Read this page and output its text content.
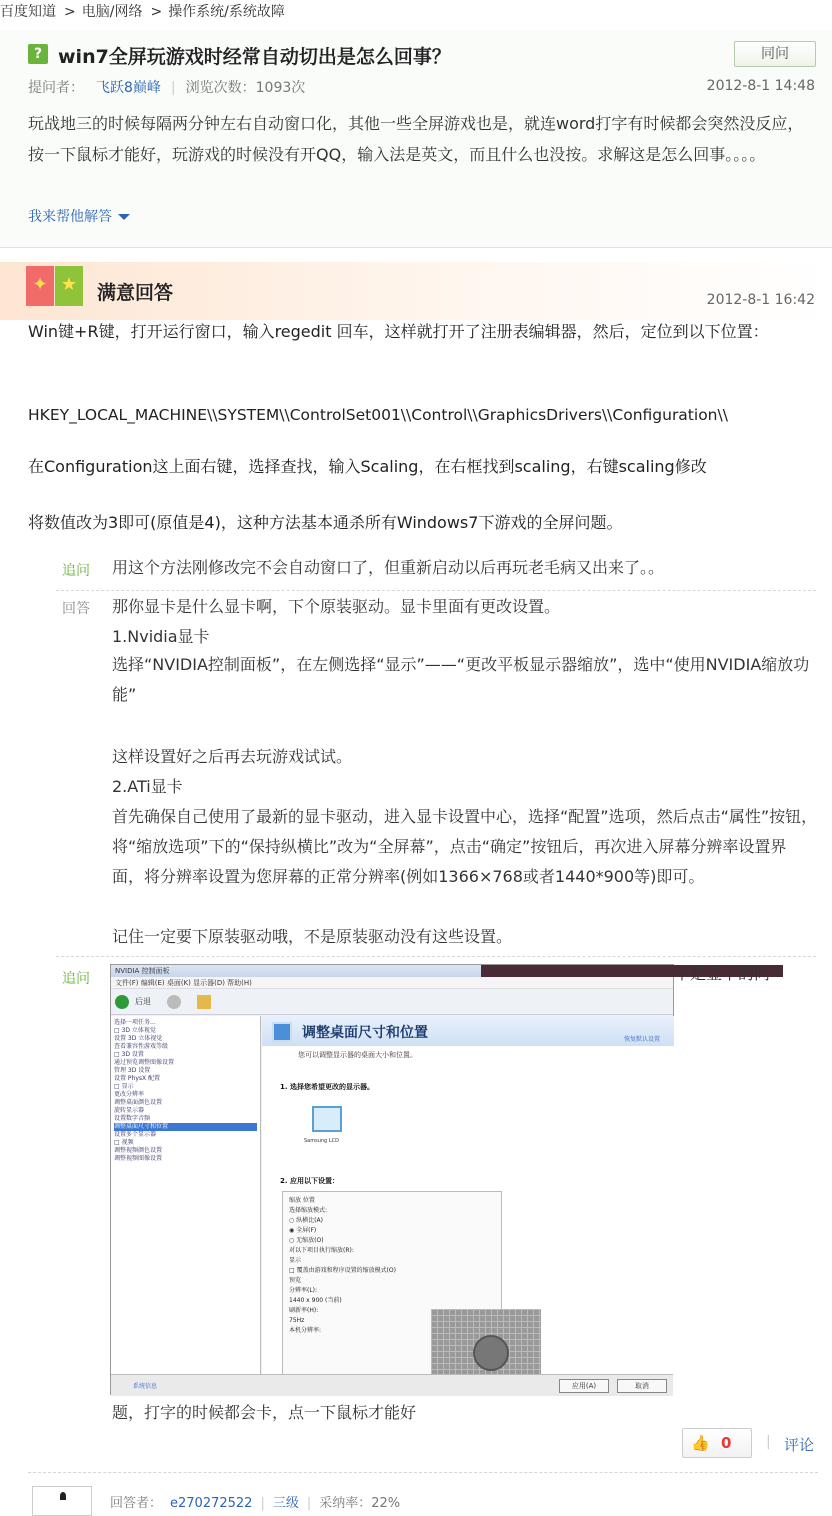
百度知道 > 电脑/网络 > 操作系统/系统故障
? win7全屏玩游戏时经常自动切出是怎么回事？	同问
提问者： 飞跃8巅峰 | 浏览次数：1093次	2012-8-1 14:48
玩战地三的时候每隔两分钟左右自动窗口化，其他一些全屏游戏也是，就连word打字有时候都会突然没反应，按一下鼠标才能好，玩游戏的时候没有开QQ，输入法是英文，而且什么也没按。求解这是怎么回事。。。。
我来帮他解答
✦ ★	满意回答	2012-8-1 16:42
Win键+R键，打开运行窗口，输入regedit 回车，这样就打开了注册表编辑器，然后，定位到以下位置：
HKEY_LOCAL_MACHINE\\SYSTEM\\ControlSet001\\Control\\GraphicsDrivers\\Configuration\\
在Configuration这上面右键，选择查找，输入Scaling，在右框找到scaling，右键scaling修改
将数值改为3即可(原值是4)，这种方法基本通杀所有Windows7下游戏的全屏问题。
追问 用这个方法刚修改完不会自动窗口了，但重新启动以后再玩老毛病又出来了。。
回答 那你显卡是什么显卡啊，下个原装驱动。显卡里面有更改设置。
1.Nvidia显卡
选择“NVIDIA控制面板”，在左侧选择“显示”——“更改平板显示器缩放”，选中“使用NVIDIA缩放功能”
这样设置好之后再去玩游戏试试。
2.ATi显卡
首先确保自己使用了最新的显卡驱动，进入显卡设置中心，选择“配置”选项，然后点击“属性”按钮，将“缩放选项”下的“保持纵横比”改为“全屏幕”，点击“确定”按钮后，再次进入屏幕分辨率设置界面，将分辨率设置为您屏幕的正常分辨率(例如1366×768或者1440*900等)即可。
记住一定要下原装驱动哦，不是原装驱动没有这些设置。
追问	NVIDIA 控制面板
文件(F) 编辑(E) 桌面(K) 显示器(D) 帮助(H)
后退
选择一项任务...
□ 3D 立体视觉
设置 3D 立体视觉
查看兼容性游戏等级
□ 3D 设置
通过预览调整图像设置
管理 3D 设置
设置 PhysX 配置
□ 显示
更改分辨率
调整桌面颜色设置
旋转显示器
设置数字音频
调整桌面尺寸和位置
设置多个显示器
□ 视频
调整视频颜色设置
调整视频图像设置
调整桌面尺寸和位置	恢复默认设置
您可以调整显示器的桌面大小和位置。
1. 选择您希望更改的显示器。
Samsung LCD
2. 应用以下设置：
缩放 位置
选择缩放模式:
○ 纵横比(A)
◉ 全屏(F)
○ 无缩放(O)
对以下项目执行缩放(R):
显示
□ 覆盖由游戏和程序设置的缩放模式(O)
预览
分辨率(L):
1440 x 900 (当前)
刷新率(H):
75Hz
本机分辨率:
系统信息	应用(A)	取消
不是显卡的问
题，打字的时候都会卡，点一下鼠标才能好
👍 0 | 评论
回答者： e270272522 | 三级 | 采纳率：22%
